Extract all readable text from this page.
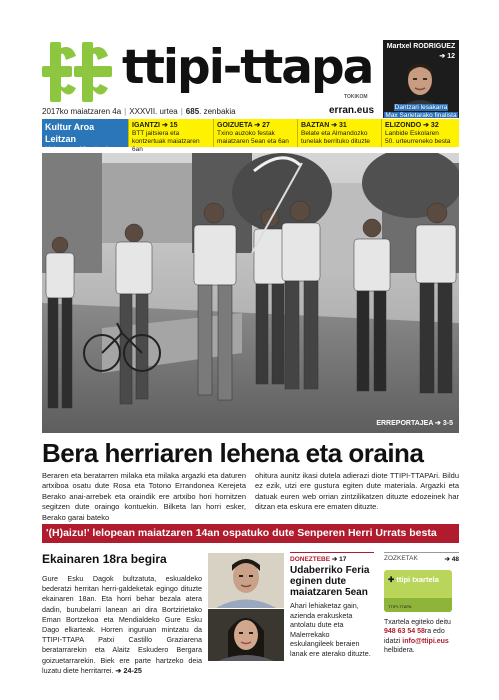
ttipi-ttapa
TOKIKOM
erran.eus
2017ko maiatzaren 4a | XXXVII. urtea | 685. zenbakia
Martxel RODRIGUEZ
➔ 12
Dantzari lesakarra
Max Sarietarako finalista
Kultur Aroa Leitzan
Maiatzaren 12an hasita
IGANTZI ➔ 15
BTT jaitsiera eta
kontzertuak maiatzaren 6an
GOIZUETA ➔ 27
Txino auzoko festak
maiatzaren 5ean eta 6an
BAZTAN ➔ 31
Belate eta Almandozko
tunelak berrituko dituzte
ELIZONDO ➔ 32
Lanbide Eskolaren
50. urteurreneko besta
ERREPORTAJEA ➔ 3-5
Bera herriaren lehena eta oraina
Beraren eta beratarren milaka eta milaka argazki eta daturen artxiboa osatu dute Rosa eta Totono Errandonea Kerejeta Berako anai-arrebek eta oraindik ere artxibo hori hornitzen segitzen dute oraingo kontuekin. Bilketa lan horri esker, Berako garai bateko
ohitura aunitz ikasi dutela adierazi diote TTIPI-TTAPAri. Bildu ez ezik, utzi ere gustura egiten dute materiala. Argazki eta datuak euren web orrian zintzilikatzen dituzte edozeinek har ditzan eta eskura ere ematen dituzte.
'(H)aizu!' lelopean maiatzaren 14an ospatuko dute Senperen Herri Urrats besta
Ekainaren 18ra begira
Gure Esku Dagok bultzatuta, eskualdeko bederatzi herritan herri-galdeketak egingo dituzte ekainaren 18an. Eta horri behar bezala atera dadin, burubelarri lanean ari dira Bortzirietako Eman Bortzekoa eta Mendialdeko Gure Esku Dago elkarteak. Horren inguruan mintzatu da TTIPI-TTAPA Patxi Castillo Graziarena beratarrarekin eta Alaitz Eskudero Bergara goizuetarrarekin. Biek ere parte hartzeko deia luzatu diete herritarrei. ➔ 24-25
DONEZTEBE ➔ 17
Udaberriko Feria eginen dute maiatzaren 5ean
Ahari lehiaketaz gain, azienda erakusketa antolatu dute eta Malerrekako eskulangileek beraien lanak ere aterako dituzte.
ZOZKETAK	➔ 48
✚ ttipi txartela
TTIPI-TTAPA
Txartela egiteko deitu 948 63 54 58ra edo idatzi info@ttipi.eus helbidera.
